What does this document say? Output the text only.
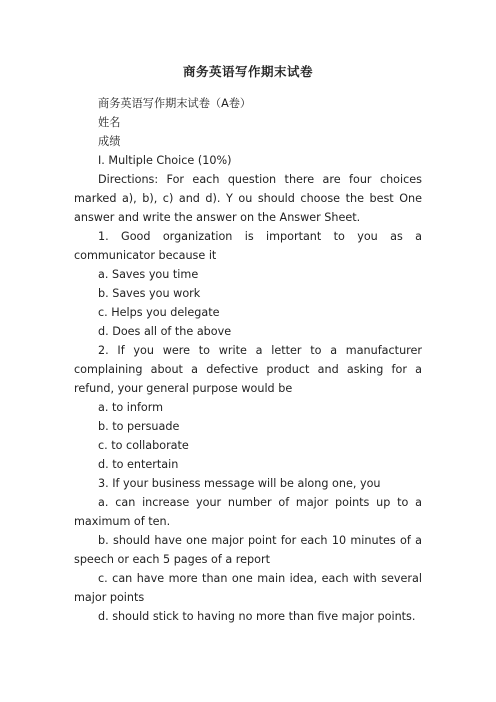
商务英语写作期末试卷

商务英语写作期末试卷（A卷）

姓名

成绩

I. Multiple Choice (10%)

Directions: For each question there are four choices marked a), b), c) and d). Y ou should choose the best One answer and write the answer on the Answer Sheet.

1. Good organization is important to you as a communicator because it

a. Saves you time

b. Saves you work

c. Helps you delegate

d. Does all of the above

2. If you were to write a letter to a manufacturer complaining about a defective product and asking for a refund, your general purpose would be

a. to inform

b. to persuade

c. to collaborate

d. to entertain

3. If your business message will be along one, you

a. can increase your number of major points up to a maximum of ten.

b. should have one major point for each 10 minutes of a speech or each 5 pages of a report

c. can have more than one main idea, each with several major points

d. should stick to having no more than five major points.
